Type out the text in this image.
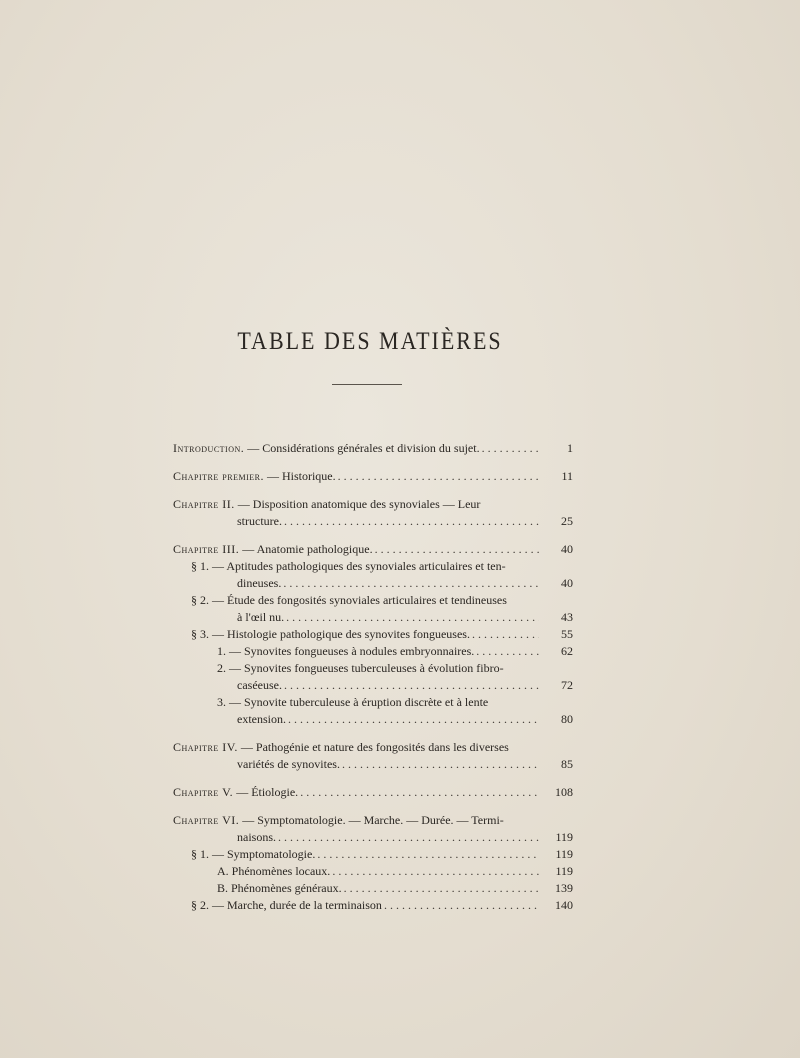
TABLE DES MATIÈRES
Introduction. — Considérations générales et division du sujet. . . .	1
Chapitre premier. — Historique. . . .	11
Chapitre II. — Disposition anatomique des synoviales — Leur
structure. . . .	25
Chapitre III. — Anatomie pathologique. . . .	40
§ 1. — Aptitudes pathologiques des synoviales articulaires et ten-
dineuses. . . .	40
§ 2. — Étude des fongosités synoviales articulaires et tendineuses
à l'œil nu. . . .	43
§ 3. — Histologie pathologique des synovites fongueuses. . . .	55
1. — Synovites fongueuses à nodules embryonnaires. . . .	62
2. — Synovites fongueuses tuberculeuses à évolution fibro-
caséeuse. . . .	72
3. — Synovite tuberculeuse à éruption discrète et à lente
extension. . . .	80
Chapitre IV. — Pathogénie et nature des fongosités dans les diverses
variétés de synovites. . . .	85
Chapitre V. — Étiologie. . . .	108
Chapitre VI. — Symptomatologie. — Marche. — Durée. — Termi-
naisons. . . .	119
§ 1. — Symptomatologie. . . .	119
A. Phénomènes locaux. . . .	119
B. Phénomènes généraux. . . .	139
§ 2. — Marche, durée de la terminaison . . .	140
